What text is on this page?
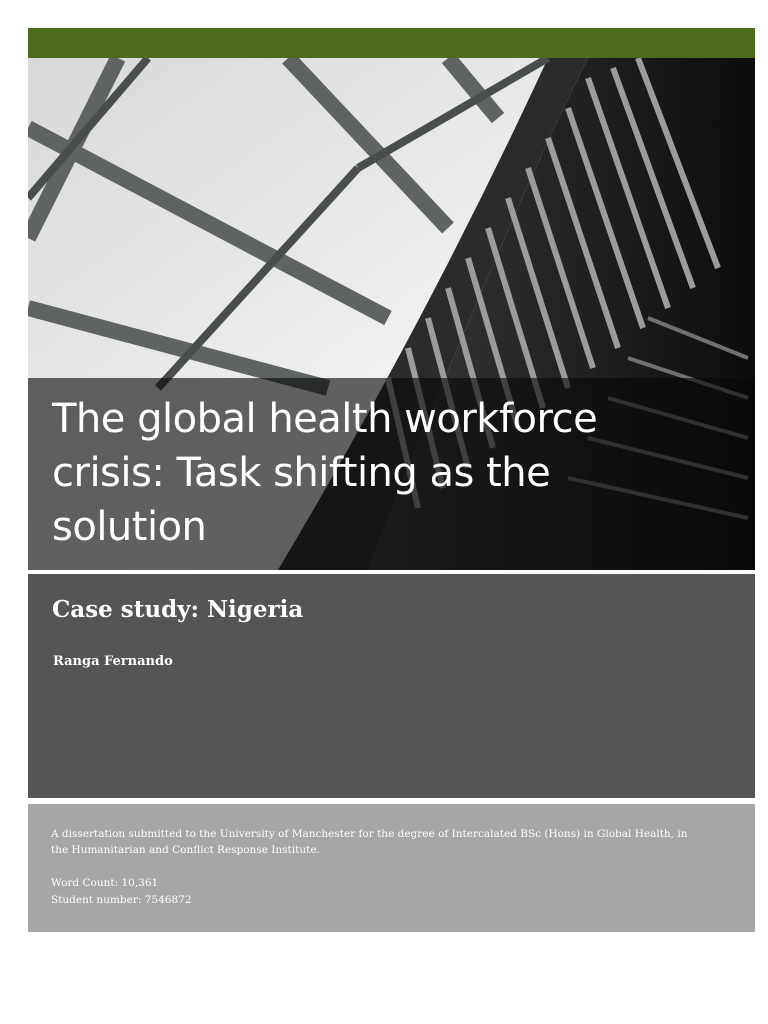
The global health workforce crisis: Task shifting as the solution
Case study: Nigeria

Ranga Fernando

A dissertation submitted to the University of Manchester for the degree of Intercalated BSc (Hons) in Global Health, in the Humanitarian and Conflict Response Institute.

Word Count: 10,361

Student number: 7546872
